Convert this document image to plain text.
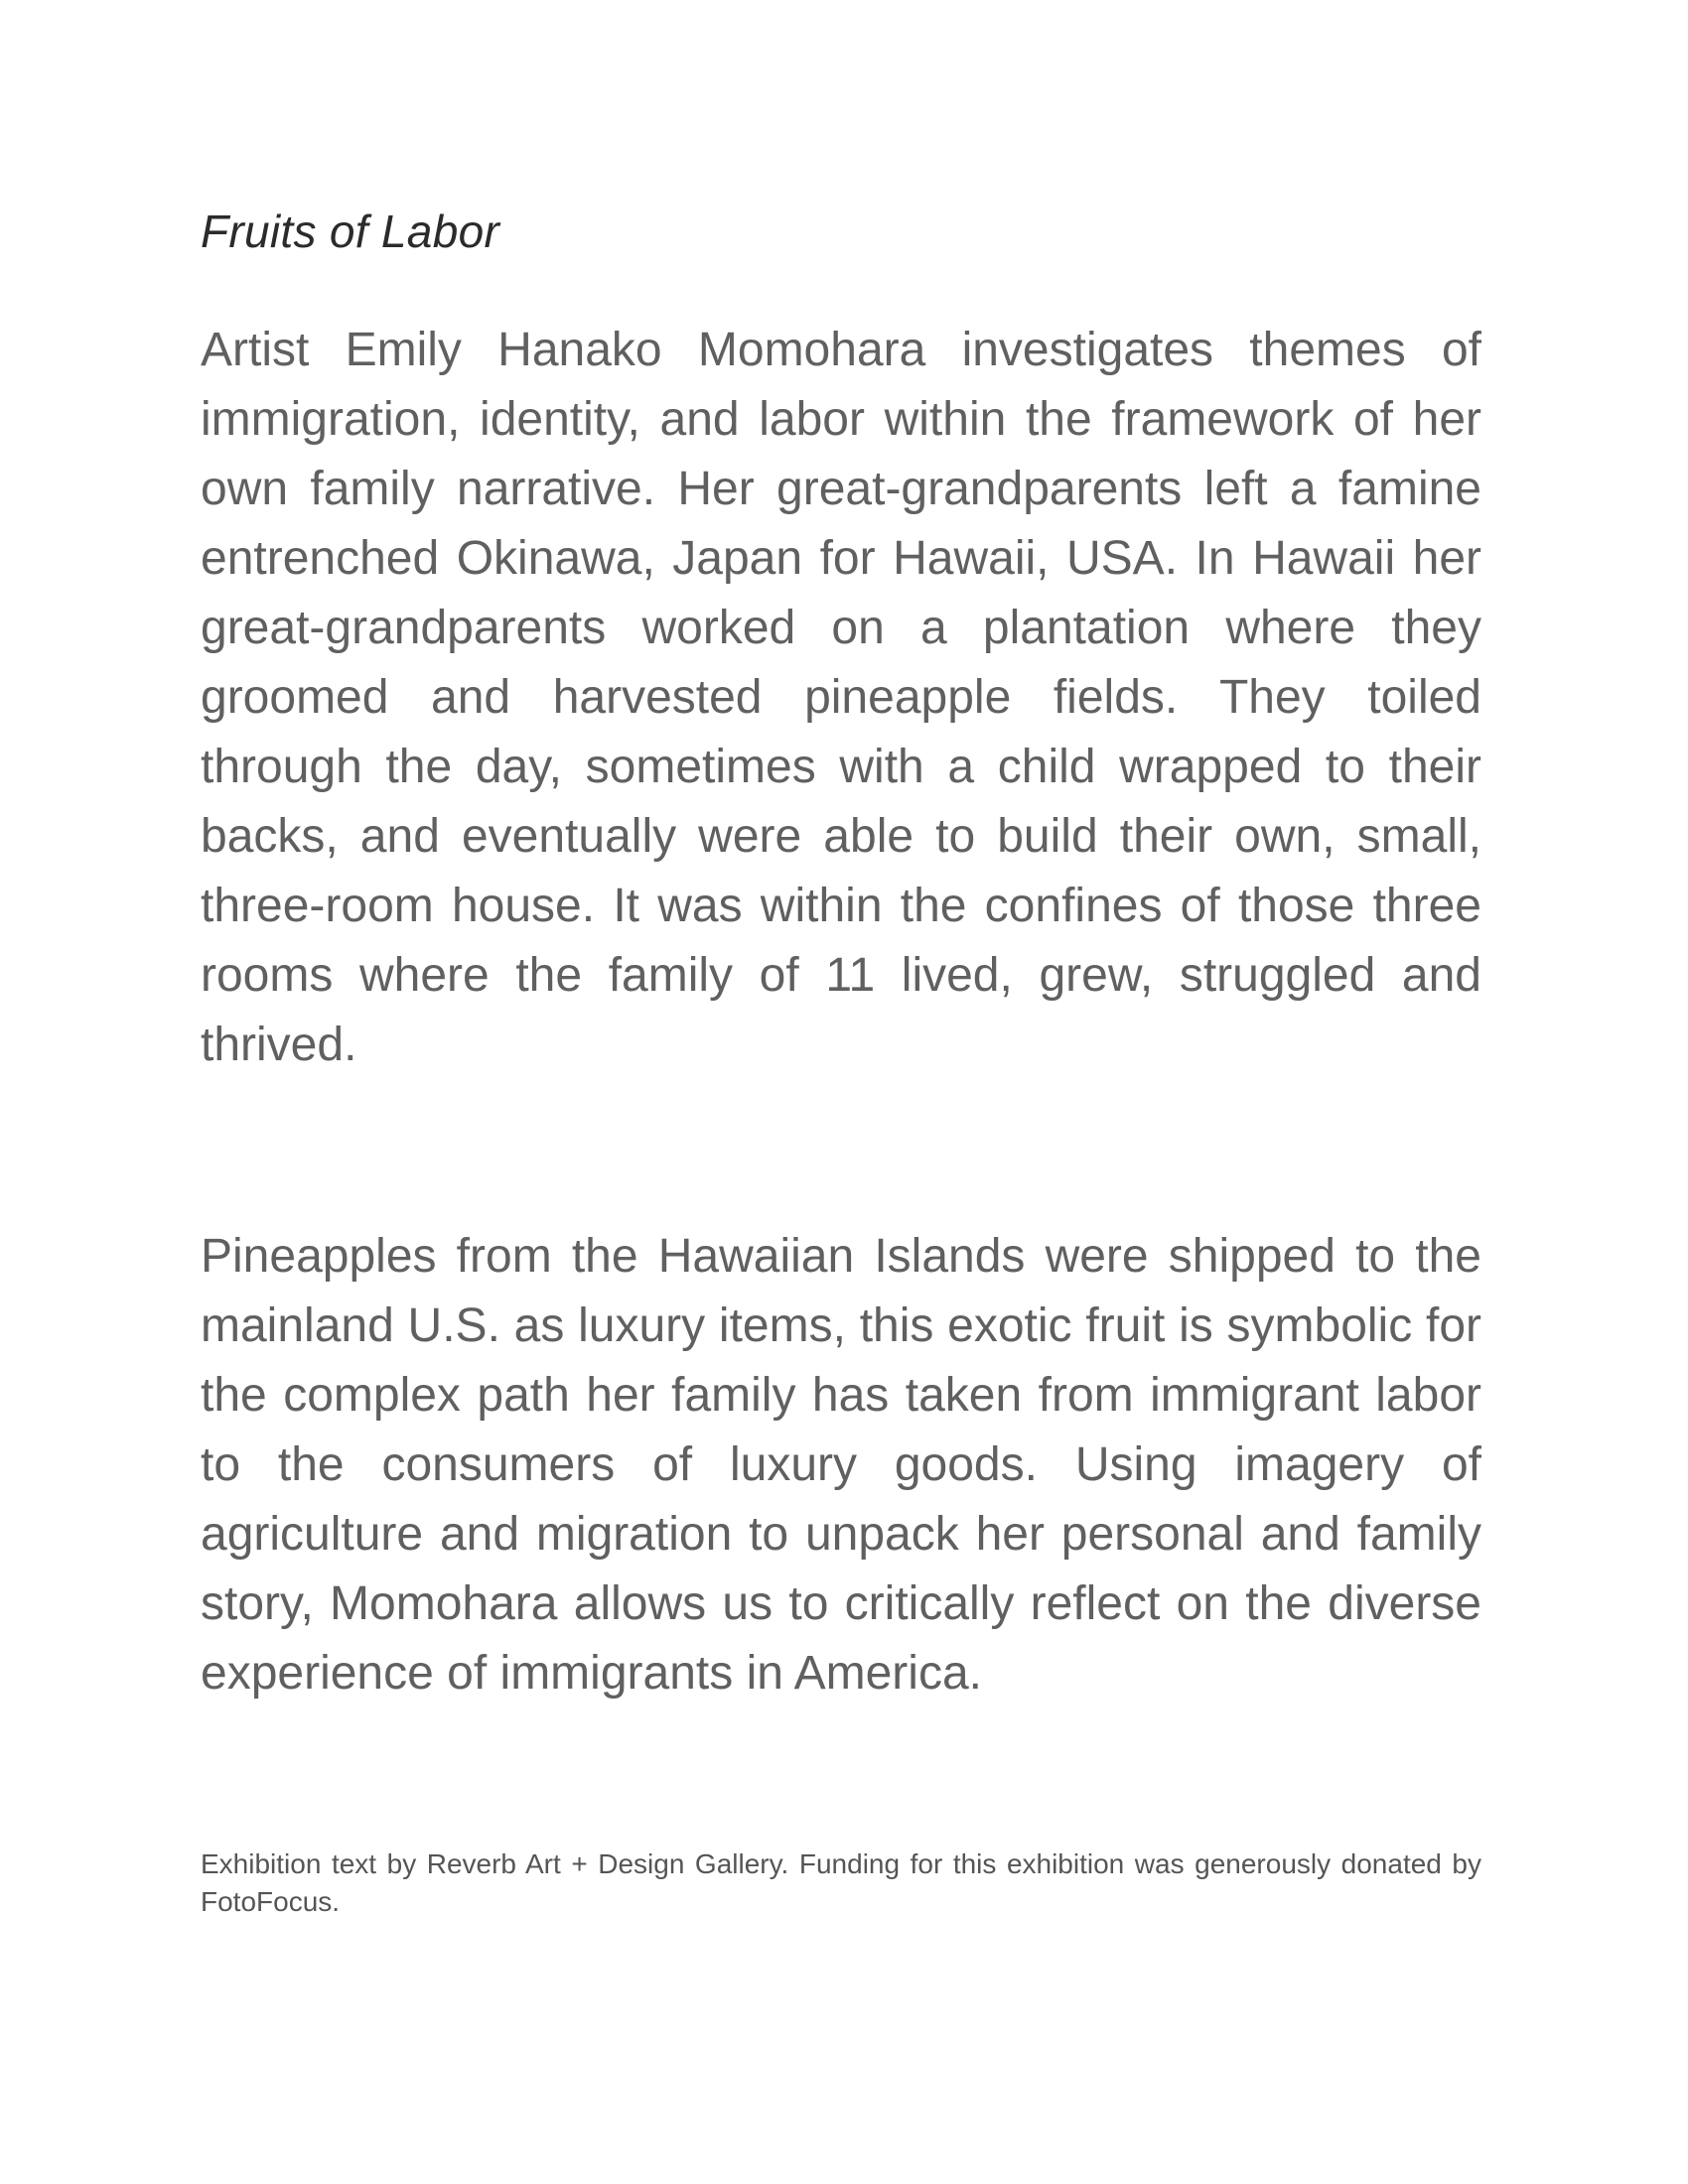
Fruits of Labor

Artist Emily Hanako Momohara investigates themes of immigration, identity, and labor within the framework of her own family narrative. Her great-grandparents left a famine entrenched Okinawa, Japan for Hawaii, USA. In Hawaii her great-grandparents worked on a plantation where they groomed and harvested pineapple fields. They toiled through the day, sometimes with a child wrapped to their backs, and eventually were able to build their own, small, three-room house. It was within the confines of those three rooms where the family of 11 lived, grew, struggled and thrived.

Pineapples from the Hawaiian Islands were shipped to the mainland U.S. as luxury items, this exotic fruit is symbolic for the complex path her family has taken from immigrant labor to the consumers of luxury goods. Using imagery of agriculture and migration to unpack her personal and family story, Momohara allows us to critically reflect on the diverse experience of immigrants in America.

Exhibition text by Reverb Art + Design Gallery. Funding for this exhibition was generously donated by FotoFocus.
